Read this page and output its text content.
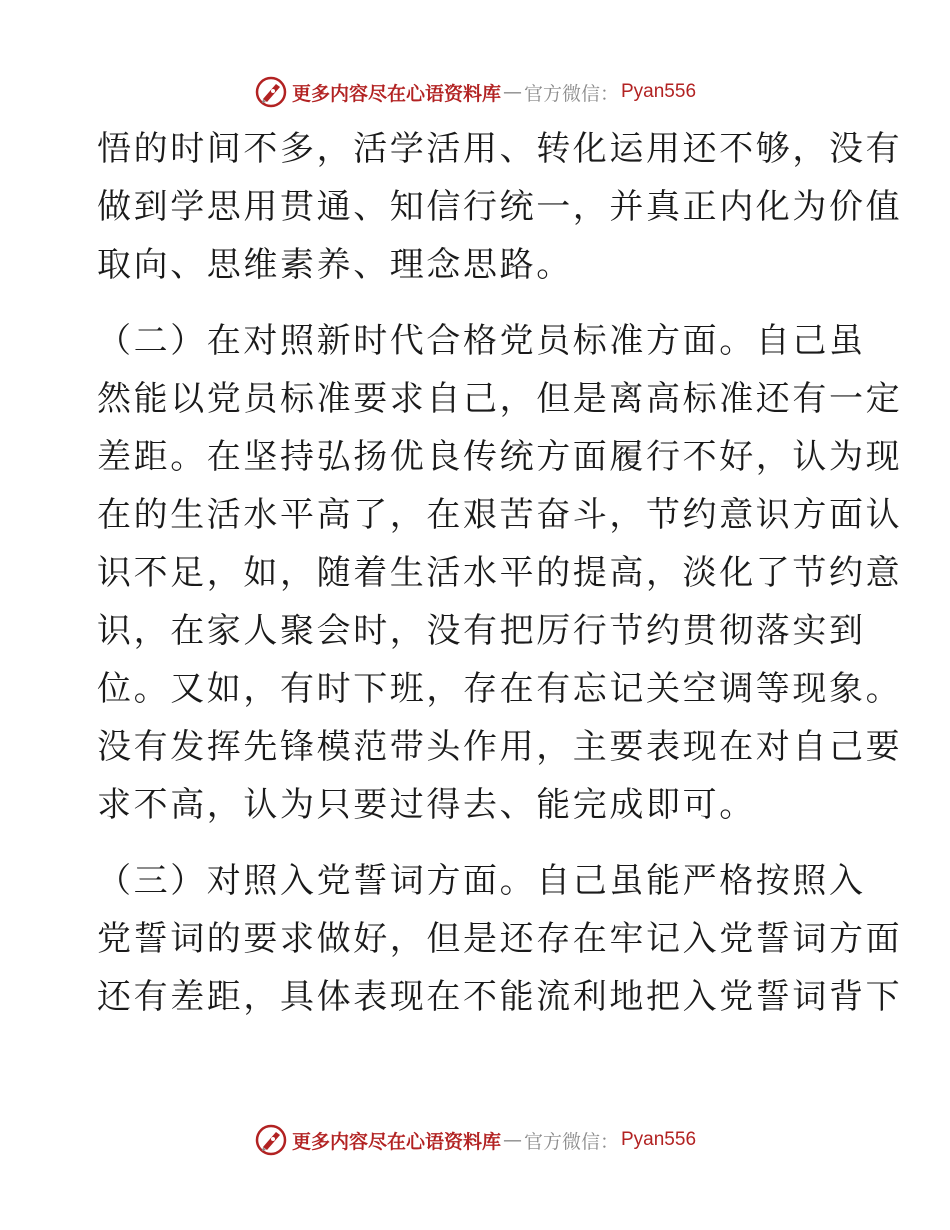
更多内容尽在心语资料库 — 官方微信： Pyan556
悟的时间不多，活学活用、转化运用还不够，没有
做到学思用贯通、知信行统一，并真正内化为价值
取向、思维素养、理念思路。
（二）在对照新时代合格党员标准方面。自己虽
然能以党员标准要求自己，但是离高标准还有一定
差距。在坚持弘扬优良传统方面履行不好，认为现
在的生活水平高了，在艰苦奋斗，节约意识方面认
识不足，如，随着生活水平的提高，淡化了节约意
识，在家人聚会时，没有把厉行节约贯彻落实到
位。又如，有时下班，存在有忘记关空调等现象。
没有发挥先锋模范带头作用，主要表现在对自己要
求不高，认为只要过得去、能完成即可。
（三）对照入党誓词方面。自己虽能严格按照入
党誓词的要求做好，但是还存在牢记入党誓词方面
还有差距，具体表现在不能流利地把入党誓词背下
更多内容尽在心语资料库 — 官方微信： Pyan556
